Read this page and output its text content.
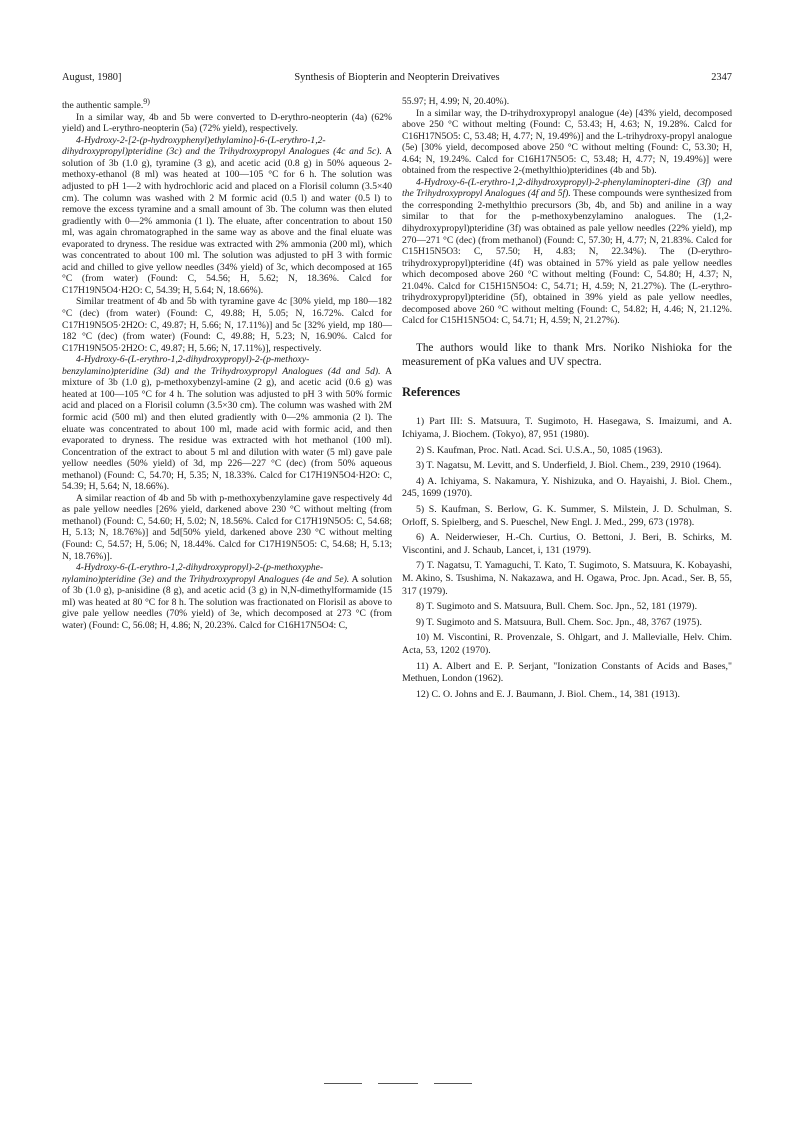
August, 1980]	Synthesis of Biopterin and Neopterin Dreivatives	2347

the authentic sample.$^{9)}$

In a similar way, 4b and 5b were converted to D-erythro-neopterin (4a) (62% yield) and L-erythro-neopterin (5a) (72% yield), respectively.

4-Hydroxy-2-[2-(p-hydroxyphenyl)ethylamino]-6-(L-erythro-1,2-dihydroxypropyl)pteridine (3c) and the Trihydroxypropyl Analogues (4c and 5c). A solution of 3b (1.0 g), tyramine (3 g), and acetic acid (0.8 g) in 50% aqueous 2-methoxy-ethanol (8 ml) was heated at 100—105 °C for 6 h. The solution was adjusted to pH 1—2 with hydrochloric acid and placed on a Florisil column (3.5×40 cm). The column was washed with 2 M formic acid (0.5 l) and water (0.5 l) to remove the excess tyramine and a small amount of 3b. The column was then eluted gradiently with 0—2% ammonia (1 l). The eluate, after concentration to about 150 ml, was again chromatographed in the same way as above and the final eluate was evaporated to dryness. The residue was extracted with 2% ammonia (200 ml), which was concentrated to about 100 ml. The solution was adjusted to pH 3 with formic acid and chilled to give yellow needles (34% yield) of 3c, which decomposed at 165 °C (from water) (Found: C, 54.56; H, 5.62; N, 18.36%. Calcd for C17H19N5O4·H2O: C, 54.39; H, 5.64; N, 18.66%).

Similar treatment of 4b and 5b with tyramine gave 4c [30% yield, mp 180—182 °C (dec) (from water) (Found: C, 49.88; H, 5.05; N, 16.72%. Calcd for C17H19N5O5·2H2O: C, 49.87; H, 5.66; N, 17.11%)] and 5c [32% yield, mp 180—182 °C (dec) (from water) (Found: C, 49.88; H, 5.23; N, 16.90%. Calcd for C17H19N5O5·2H2O: C, 49.87; H, 5.66; N, 17.11%)], respectively.

4-Hydroxy-6-(L-erythro-1,2-dihydroxypropyl)-2-(p-methoxy-benzylamino)pteridine (3d) and the Trihydroxypropyl Analogues (4d and 5d). A mixture of 3b (1.0 g), p-methoxybenzyl-amine (2 g), and acetic acid (0.6 g) was heated at 100—105 °C for 4 h. The solution was adjusted to pH 3 with 50% formic acid and placed on a Florisil column (3.5×30 cm). The column was washed with 2M formic acid (500 ml) and then eluted gradiently with 0—2% ammonia (2 l). The eluate was concentrated to about 100 ml, made acid with formic acid, and then evaporated to dryness. The residue was extracted with hot methanol (100 ml). Concentration of the extract to about 5 ml and dilution with water (5 ml) gave pale yellow needles (50% yield) of 3d, mp 226—227 °C (dec) (from 50% aqueous methanol) (Found: C, 54.70; H, 5.35; N, 18.33%. Calcd for C17H19N5O4·H2O: C, 54.39; H, 5.64; N, 18.66%).

A similar reaction of 4b and 5b with p-methoxybenzylamine gave respectively 4d as pale yellow needles [26% yield, darkened above 230 °C without melting (from methanol) (Found: C, 54.60; H, 5.02; N, 18.56%. Calcd for C17H19N5O5: C, 54.68; H, 5.13; N, 18.76%)] and 5d[50% yield, darkened above 230 °C without melting (Found: C, 54.57; H, 5.06; N, 18.44%. Calcd for C17H19N5O5: C, 54.68; H, 5.13; N, 18.76%)].

4-Hydroxy-6-(L-erythro-1,2-dihydroxypropyl)-2-(p-methoxyphe-nylamino)pteridine (3e) and the Trihydroxypropyl Analogues (4e and 5e). A solution of 3b (1.0 g), p-anisidine (8 g), and acetic acid (3 g) in N,N-dimethylformamide (15 ml) was heated at 80 °C for 8 h. The solution was fractionated on Florisil as above to give pale yellow needles (70% yield) of 3e, which decomposed at 273 °C (from water) (Found: C, 56.08; H, 4.86; N, 20.23%. Calcd for C16H17N5O4: C,

55.97; H, 4.99; N, 20.40%).

In a similar way, the D-trihydroxypropyl analogue (4e) [43% yield, decomposed above 250 °C without melting (Found: C, 53.43; H, 4.63; N, 19.28%. Calcd for C16H17N5O5: C, 53.48; H, 4.77; N, 19.49%)] and the L-trihydroxy-propyl analogue (5e) [30% yield, decomposed above 250 °C without melting (Found: C, 53.30; H, 4.64; N, 19.24%. Calcd for C16H17N5O5: C, 53.48; H, 4.77; N, 19.49%)] were obtained from the respective 2-(methylthio)pteridines (4b and 5b).

4-Hydroxy-6-(L-erythro-1,2-dihydroxypropyl)-2-phenylaminopteri-dine (3f) and the Trihydroxypropyl Analogues (4f and 5f). These compounds were synthesized from the corresponding 2-methylthio precursors (3b, 4b, and 5b) and aniline in a way similar to that for the p-methoxybenzylamino analogues. The (1,2-dihydroxypropyl)pteridine (3f) was obtained as pale yellow needles (22% yield), mp 270—271 °C (dec) (from methanol) (Found: C, 57.30; H, 4.77; N, 21.83%. Calcd for C15H15N5O3: C, 57.50; H, 4.83; N, 22.34%). The (D-erythro-trihydroxypropyl)pteridine (4f) was obtained in 57% yield as pale yellow needles which decomposed above 260 °C without melting (Found: C, 54.80; H, 4.37; N, 21.04%. Calcd for C15H15N5O4: C, 54.71; H, 4.59; N, 21.27%). The (L-erythro-trihydroxypropyl)pteridine (5f), obtained in 39% yield as pale yellow needles, decomposed above 260 °C without melting (Found: C, 54.82; H, 4.46; N, 21.12%. Calcd for C15H15N5O4: C, 54.71; H, 4.59; N, 21.27%).

The authors would like to thank Mrs. Noriko Nishioka for the measurement of pKa values and UV spectra.

References

1) Part III: S. Matsuura, T. Sugimoto, H. Hasegawa, S. Imaizumi, and A. Ichiyama, J. Biochem. (Tokyo), 87, 951 (1980).

2) S. Kaufman, Proc. Natl. Acad. Sci. U.S.A., 50, 1085 (1963).

3) T. Nagatsu, M. Levitt, and S. Underfield, J. Biol. Chem., 239, 2910 (1964).

4) A. Ichiyama, S. Nakamura, Y. Nishizuka, and O. Hayaishi, J. Biol. Chem., 245, 1699 (1970).

5) S. Kaufman, S. Berlow, G. K. Summer, S. Milstein, J. D. Schulman, S. Orloff, S. Spielberg, and S. Pueschel, New Engl. J. Med., 299, 673 (1978).

6) A. Neiderwieser, H.-Ch. Curtius, O. Bettoni, J. Beri, B. Schirks, M. Viscontini, and J. Schaub, Lancet, i, 131 (1979).

7) T. Nagatsu, T. Yamaguchi, T. Kato, T. Sugimoto, S. Matsuura, K. Kobayashi, M. Akino, S. Tsushima, N. Nakazawa, and H. Ogawa, Proc. Jpn. Acad., Ser. B, 55, 317 (1979).

8) T. Sugimoto and S. Matsuura, Bull. Chem. Soc. Jpn., 52, 181 (1979).

9) T. Sugimoto and S. Matsuura, Bull. Chem. Soc. Jpn., 48, 3767 (1975).

10) M. Viscontini, R. Provenzale, S. Ohlgart, and J. Mallevialle, Helv. Chim. Acta, 53, 1202 (1970).

11) A. Albert and E. P. Serjant, "Ionization Constants of Acids and Bases," Methuen, London (1962).

12) C. O. Johns and E. J. Baumann, J. Biol. Chem., 14, 381 (1913).
